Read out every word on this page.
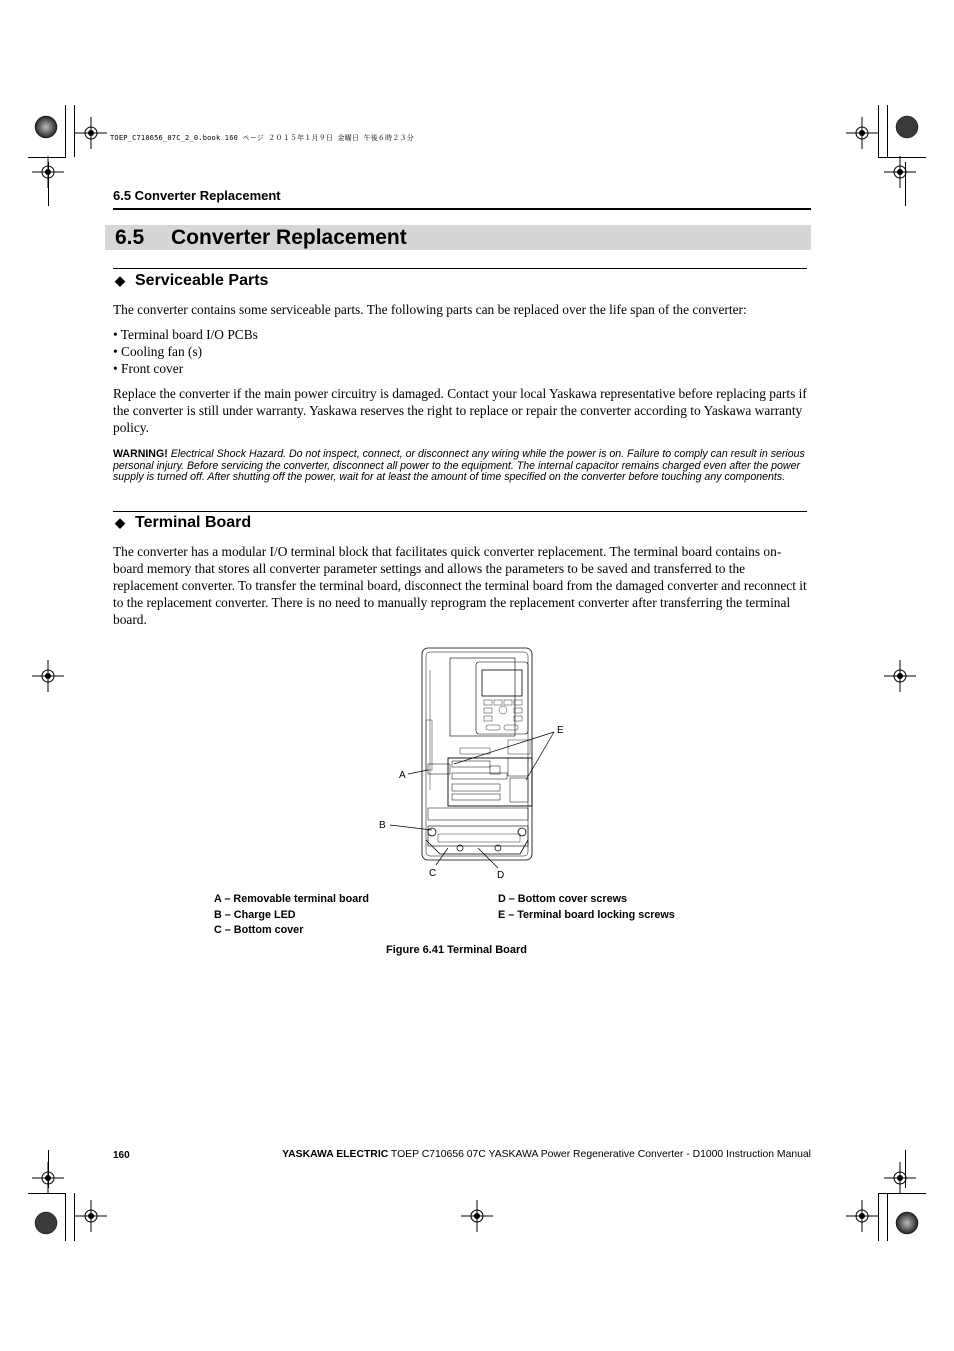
TOEP_C710656_07C_2_0.book 160 ページ ２０１５年１月９日 金曜日 午後６時２３分
6.5 Converter Replacement
6.5 Converter Replacement
◆ Serviceable Parts
The converter contains some serviceable parts. The following parts can be replaced over the life span of the converter:
• Terminal board I/O PCBs
• Cooling fan (s)
• Front cover
Replace the converter if the main power circuitry is damaged. Contact your local Yaskawa representative before replacing parts if the converter is still under warranty. Yaskawa reserves the right to replace or repair the converter according to Yaskawa warranty policy.
WARNING! Electrical Shock Hazard. Do not inspect, connect, or disconnect any wiring while the power is on. Failure to comply can result in serious personal injury. Before servicing the converter, disconnect all power to the equipment. The internal capacitor remains charged even after the power supply is turned off. After shutting off the power, wait for at least the amount of time specified on the converter before touching any components.
◆ Terminal Board
The converter has a modular I/O terminal block that facilitates quick converter replacement. The terminal board contains on-board memory that stores all converter parameter settings and allows the parameters to be saved and transferred to the replacement converter. To transfer the terminal board, disconnect the terminal board from the damaged converter and reconnect it to the replacement converter. There is no need to manually reprogram the replacement converter after transferring the terminal board.
A
B
C	D
E
A – Removable terminal board
B – Charge LED
C – Bottom cover
D – Bottom cover screws
E – Terminal board locking screws
Figure 6.41 Terminal Board
160	YASKAWA ELECTRIC TOEP C710656 07C YASKAWA Power Regenerative Converter - D1000 Instruction Manual
